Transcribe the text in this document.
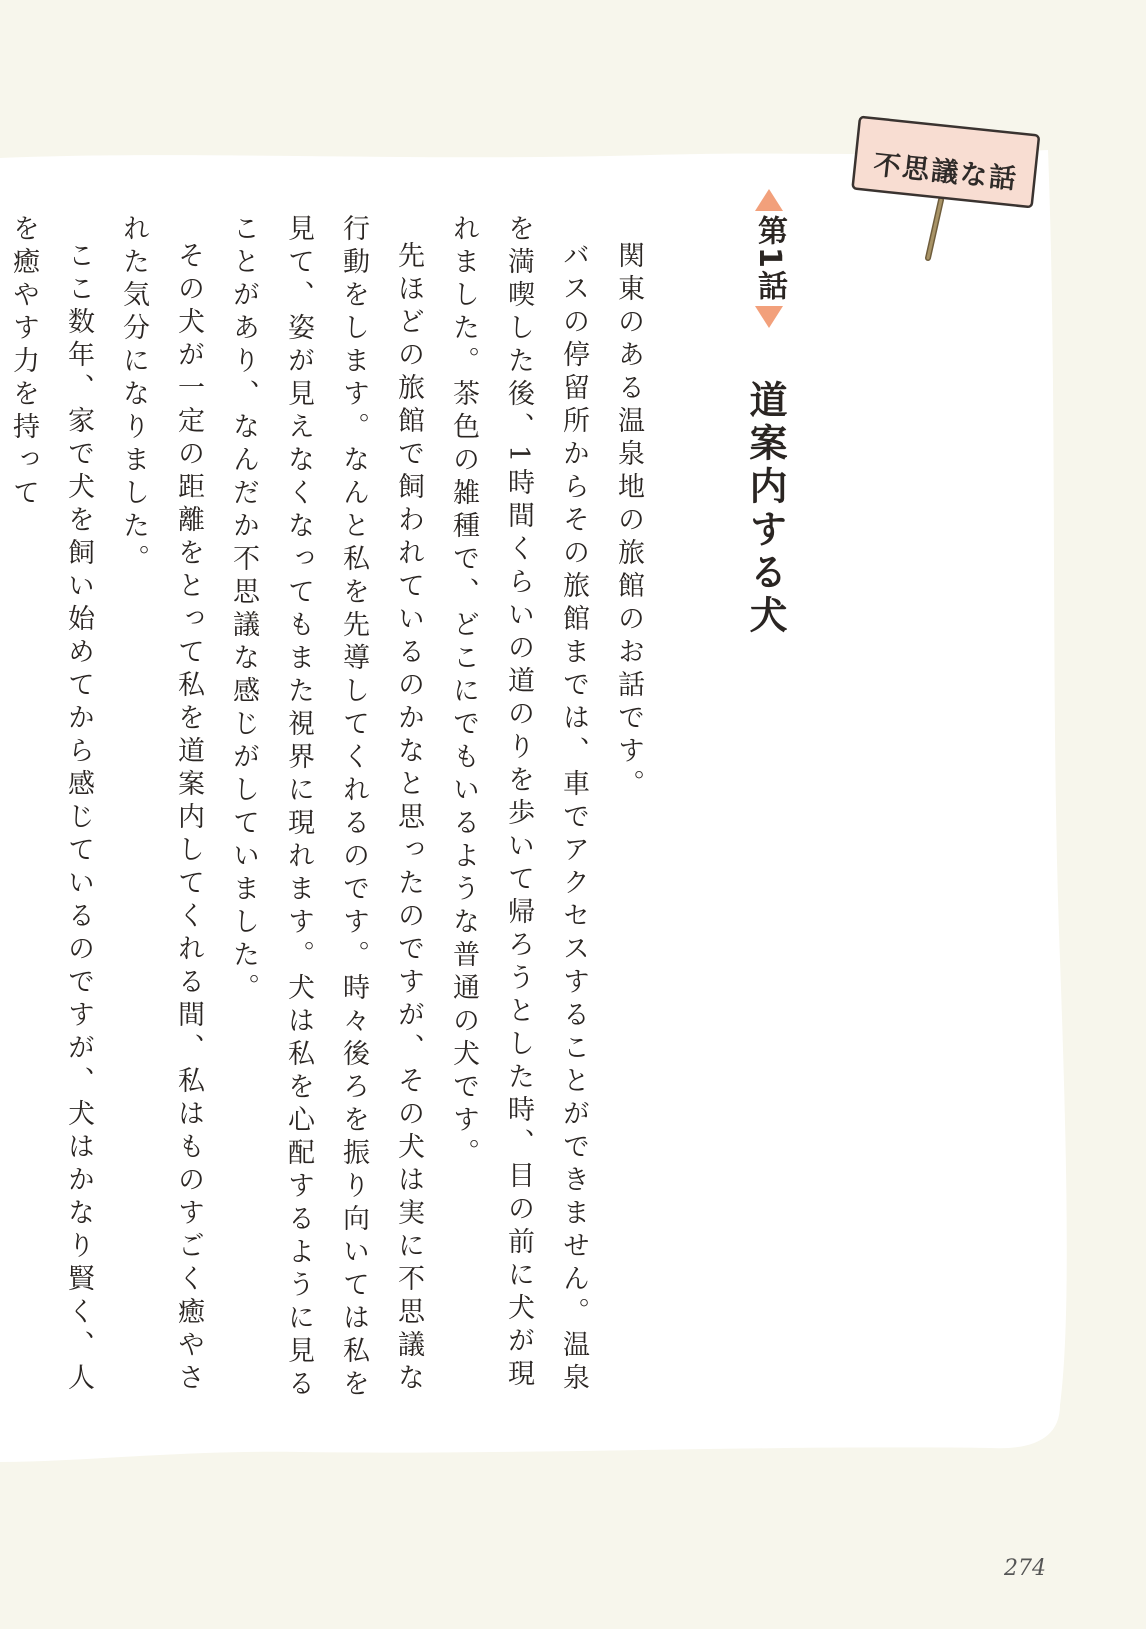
不思議な話
第1話
道案内する犬

関東のある温泉地の旅館のお話です。

バスの停留所からその旅館までは、車でアクセスすることができません。温泉を満喫した後、1時間くらいの道のりを歩いて帰ろうとした時、目の前に犬が現れました。茶色の雑種で、どこにでもいるような普通の犬です。

先ほどの旅館で飼われているのかなと思ったのですが、その犬は実に不思議な行動をします。なんと私を先導してくれるのです。時々後ろを振り向いては私を見て、姿が見えなくなってもまた視界に現れます。犬は私を心配するように見ることがあり、なんだか不思議な感じがしていました。

その犬が一定の距離をとって私を道案内してくれる間、私はものすごく癒やされた気分になりました。

ここ数年、家で犬を飼い始めてから感じているのですが、犬はかなり賢く、人を癒やす力を持って

274
